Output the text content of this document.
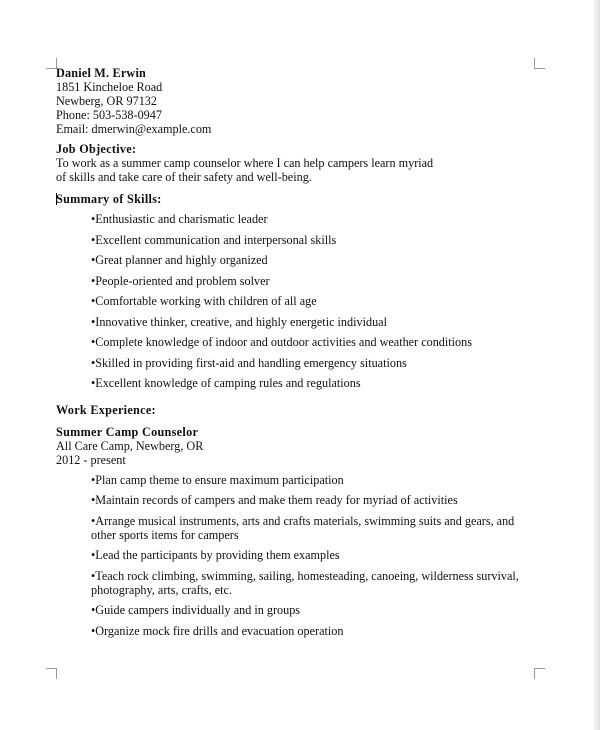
Daniel M. Erwin
1851 Kincheloe Road
Newberg, OR 97132
Phone: 503-538-0947
Email: dmerwin@example.com
Job Objective:
To work as a summer camp counselor where I can help campers learn myriad
of skills and take care of their safety and well-being.
Summary of Skills:
•Enthusiastic and charismatic leader
•Excellent communication and interpersonal skills
•Great planner and highly organized
•People-oriented and problem solver
•Comfortable working with children of all age
•Innovative thinker, creative, and highly energetic individual
•Complete knowledge of indoor and outdoor activities and weather conditions
•Skilled in providing first-aid and handling emergency situations
•Excellent knowledge of camping rules and regulations
Work Experience:
Summer Camp Counselor
All Care Camp, Newberg, OR
2012 - present
•Plan camp theme to ensure maximum participation
•Maintain records of campers and make them ready for myriad of activities
•Arrange musical instruments, arts and crafts materials, swimming suits and gears, and other sports items for campers
•Lead the participants by providing them examples
•Teach rock climbing, swimming, sailing, homesteading, canoeing, wilderness survival, photography, arts, crafts, etc.
•Guide campers individually and in groups
•Organize mock fire drills and evacuation operation
